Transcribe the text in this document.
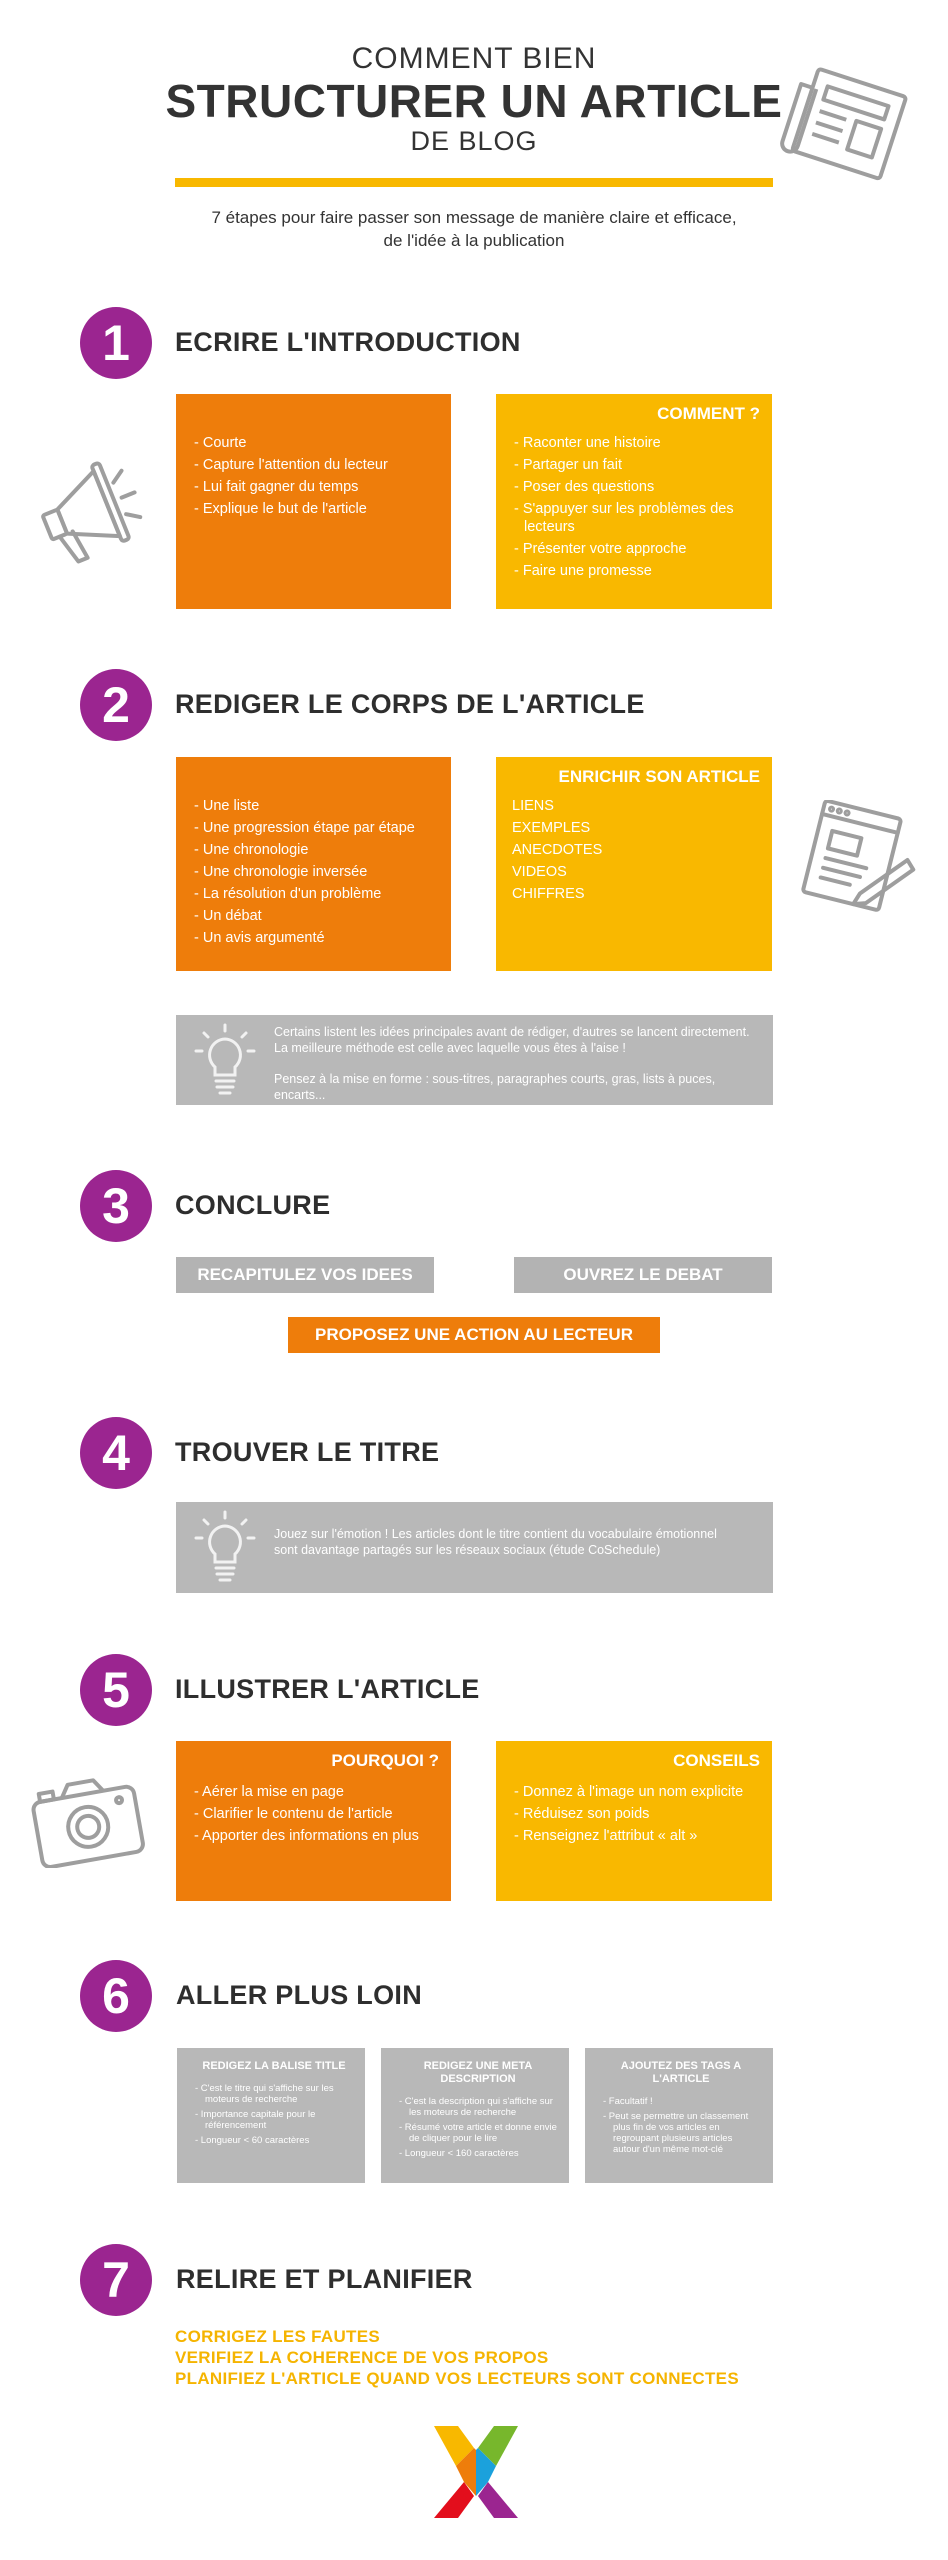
COMMENT BIEN
STRUCTURER UN ARTICLE
DE BLOG
7 étapes pour faire passer son message de manière claire et efficace,
de l'idée à la publication
1	ECRIRE L'INTRODUCTION
- Courte
- Capture l'attention du lecteur
- Lui fait gagner du temps
- Explique le but de l'article
COMMENT ?
- Raconter une histoire
- Partager un fait
- Poser des questions
- S'appuyer sur les problèmes des lecteurs
- Présenter votre approche
- Faire une promesse
2	REDIGER LE CORPS DE L'ARTICLE
- Une liste
- Une progression étape par étape
- Une chronologie
- Une chronologie inversée
- La résolution d'un problème
- Un débat
- Un avis argumenté
ENRICHIR SON ARTICLE
LIENS
EXEMPLES
ANECDOTES
VIDEOS
CHIFFRES
Certains listent les idées principales avant de rédiger, d'autres se lancent directement. La meilleure méthode est celle avec laquelle vous êtes à l'aise !
Pensez à la mise en forme : sous-titres, paragraphes courts, gras, lists à puces, encarts...
3	CONCLURE
RECAPITULEZ VOS IDEES	OUVREZ LE DEBAT
PROPOSEZ UNE ACTION AU LECTEUR
4	TROUVER LE TITRE
Jouez sur l'émotion ! Les articles dont le titre contient du vocabulaire émotionnel sont davantage partagés sur les réseaux sociaux (étude CoSchedule)
5	ILLUSTRER L'ARTICLE
POURQUOI ?
- Aérer la mise en page
- Clarifier le contenu de l'article
- Apporter des informations en plus
CONSEILS
- Donnez à l'image un nom explicite
- Réduisez son poids
- Renseignez l'attribut « alt »
6	ALLER PLUS LOIN
REDIGEZ LA BALISE TITLE
- C'est le titre qui s'affiche sur les moteurs de recherche
- Importance capitale pour le référencement
- Longueur < 60 caractères
REDIGEZ UNE META DESCRIPTION
- C'est la description qui s'affiche sur les moteurs de recherche
- Résumé votre article et donne envie de cliquer pour le lire
- Longueur < 160 caractères
AJOUTEZ DES TAGS A L'ARTICLE
- Facultatif !
- Peut se permettre un classement plus fin de vos articles en regroupant plusieurs articles autour d'un même mot-clé
7	RELIRE ET PLANIFIER
CORRIGEZ LES FAUTES
VERIFIEZ LA COHERENCE DE VOS PROPOS
PLANIFIEZ L'ARTICLE QUAND VOS LECTEURS SONT CONNECTES
